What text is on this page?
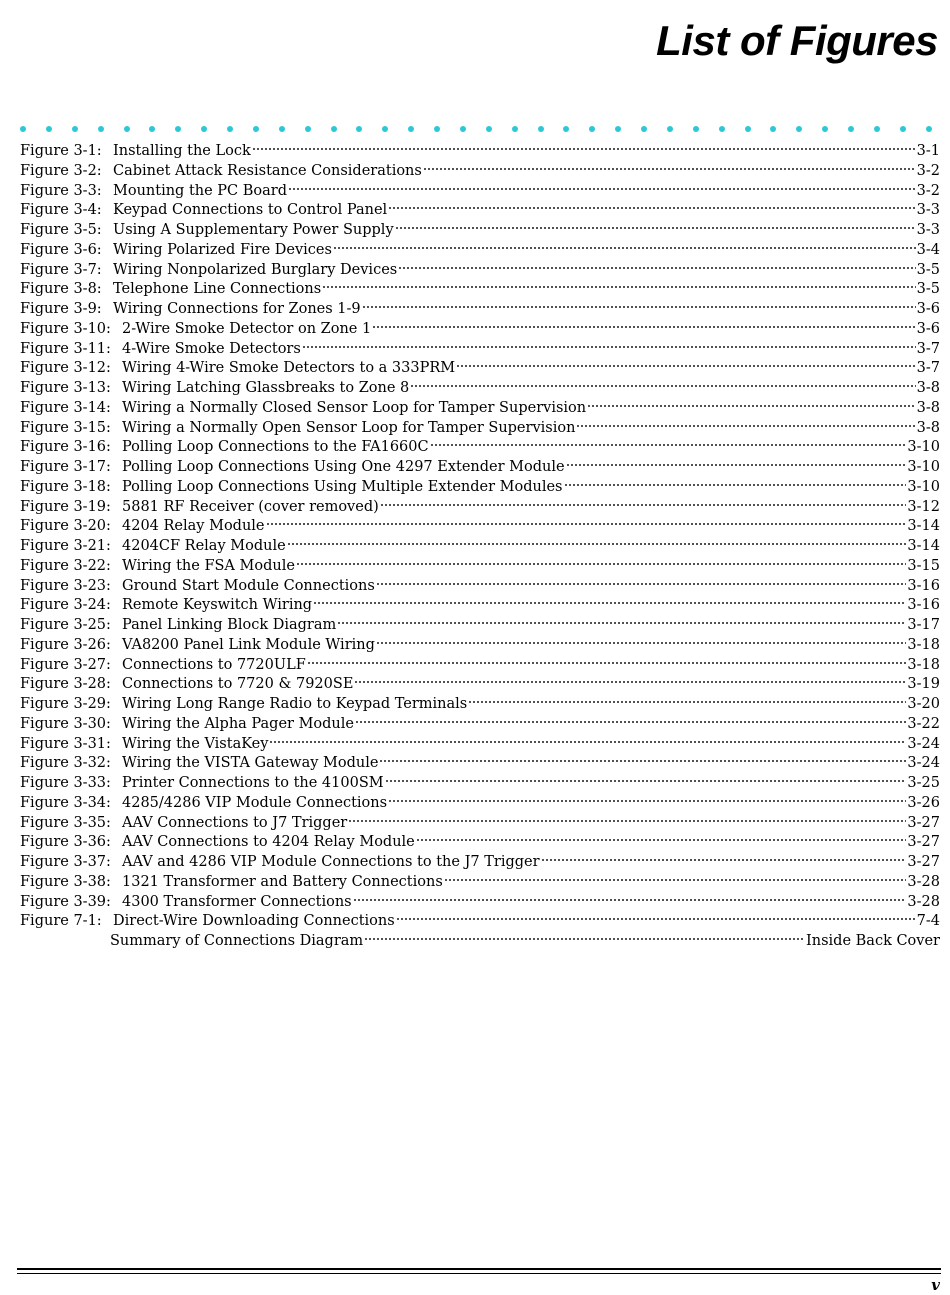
List of Figures
Figure 3-1: Installing the Lock	3-1
Figure 3-2: Cabinet Attack Resistance Considerations	3-2
Figure 3-3: Mounting the PC Board	3-2
Figure 3-4: Keypad Connections to Control Panel	3-3
Figure 3-5: Using A Supplementary Power Supply	3-3
Figure 3-6: Wiring Polarized Fire Devices	3-4
Figure 3-7: Wiring Nonpolarized Burglary Devices	3-5
Figure 3-8: Telephone Line Connections	3-5
Figure 3-9: Wiring Connections for Zones 1-9	3-6
Figure 3-10: 2-Wire Smoke Detector on Zone 1	3-6
Figure 3-11: 4-Wire Smoke Detectors	3-7
Figure 3-12: Wiring 4-Wire Smoke Detectors to a 333PRM	3-7
Figure 3-13: Wiring Latching Glassbreaks to Zone 8	3-8
Figure 3-14: Wiring a Normally Closed Sensor Loop for Tamper Supervision	3-8
Figure 3-15: Wiring a Normally Open Sensor Loop for Tamper Supervision	3-8
Figure 3-16: Polling Loop Connections to the FA1660C	3-10
Figure 3-17: Polling Loop Connections Using One 4297 Extender Module	3-10
Figure 3-18: Polling Loop Connections Using Multiple Extender Modules	3-10
Figure 3-19: 5881 RF Receiver (cover removed)	3-12
Figure 3-20: 4204 Relay Module	3-14
Figure 3-21: 4204CF Relay Module	3-14
Figure 3-22: Wiring the FSA Module	3-15
Figure 3-23: Ground Start Module Connections	3-16
Figure 3-24: Remote Keyswitch Wiring	3-16
Figure 3-25: Panel Linking Block Diagram	3-17
Figure 3-26: VA8200 Panel Link Module Wiring	3-18
Figure 3-27: Connections to 7720ULF	3-18
Figure 3-28: Connections to 7720 & 7920SE	3-19
Figure 3-29: Wiring Long Range Radio to Keypad Terminals	3-20
Figure 3-30: Wiring the Alpha Pager Module	3-22
Figure 3-31: Wiring the VistaKey	3-24
Figure 3-32: Wiring the VISTA Gateway Module	3-24
Figure 3-33: Printer Connections to the 4100SM	3-25
Figure 3-34: 4285/4286 VIP Module Connections	3-26
Figure 3-35: AAV Connections to J7 Trigger	3-27
Figure 3-36: AAV Connections to 4204 Relay Module	3-27
Figure 3-37: AAV and 4286 VIP Module Connections to the J7 Trigger	3-27
Figure 3-38: 1321 Transformer and Battery Connections	3-28
Figure 3-39: 4300 Transformer Connections	3-28
Figure 7-1: Direct-Wire Downloading Connections	7-4
Summary of Connections Diagram	Inside Back Cover
v
